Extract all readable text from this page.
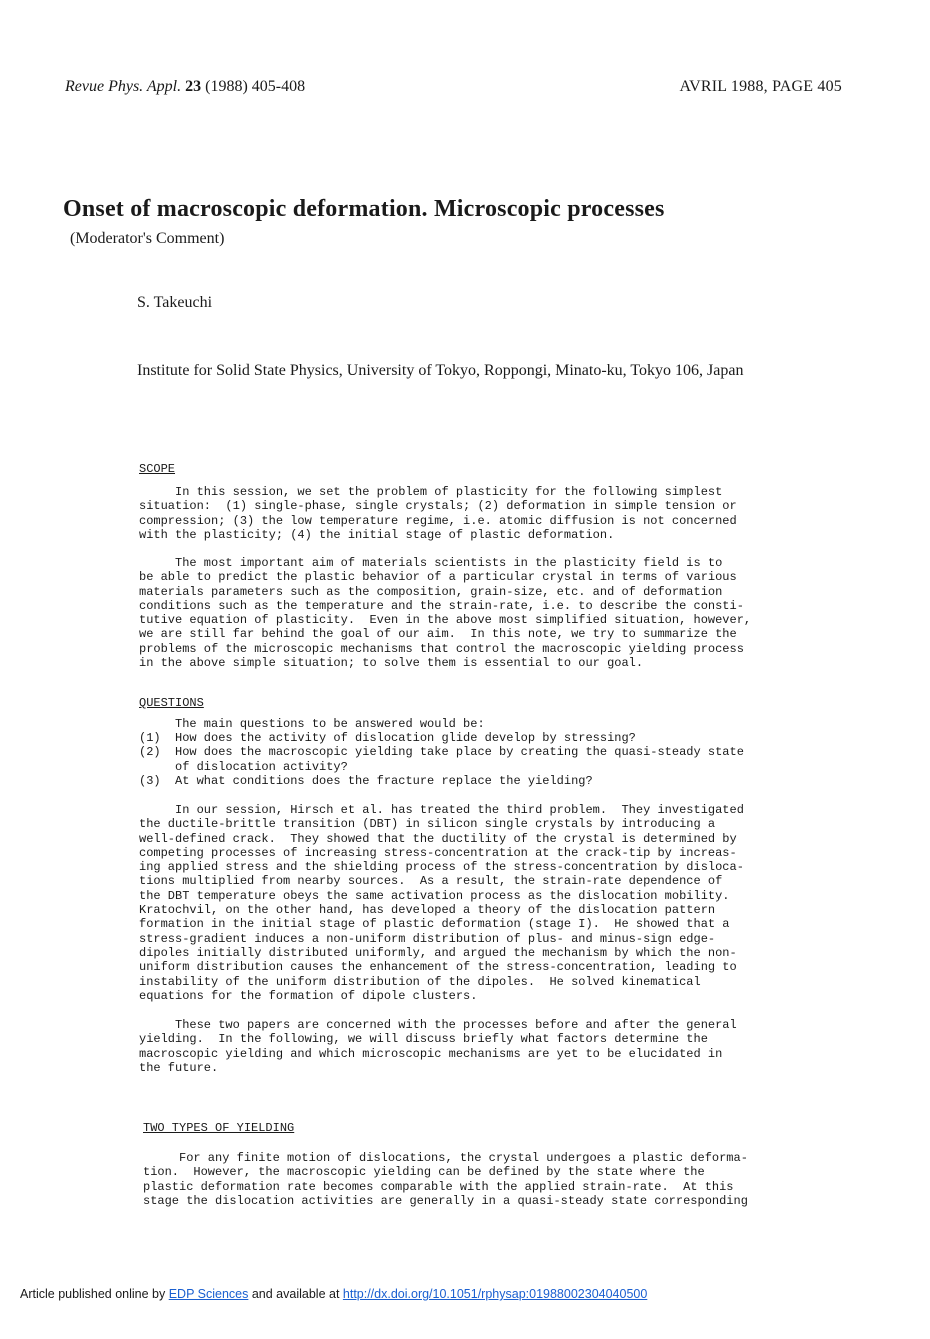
Revue Phys. Appl. 23 (1988) 405-408	AVRIL 1988, PAGE 405
Onset of macroscopic deformation. Microscopic processes
(Moderator's Comment)
S. Takeuchi
Institute for Solid State Physics, University of Tokyo, Roppongi, Minato-ku, Tokyo 106, Japan
SCOPE
In this session, we set the problem of plasticity for the following simplest
situation:  (1) single-phase, single crystals; (2) deformation in simple tension or
compression; (3) the low temperature regime, i.e. atomic diffusion is not concerned
with the plasticity; (4) the initial stage of plastic deformation.
The most important aim of materials scientists in the plasticity field is to
be able to predict the plastic behavior of a particular crystal in terms of various
materials parameters such as the composition, grain-size, etc. and of deformation
conditions such as the temperature and the strain-rate, i.e. to describe the consti-
tutive equation of plasticity.  Even in the above most simplified situation, however,
we are still far behind the goal of our aim.  In this note, we try to summarize the
problems of the microscopic mechanisms that control the macroscopic yielding process
in the above simple situation; to solve them is essential to our goal.
QUESTIONS
The main questions to be answered would be:
(1)  How does the activity of dislocation glide develop by stressing?
(2)  How does the macroscopic yielding take place by creating the quasi-steady state
of dislocation activity?
(3)  At what conditions does the fracture replace the yielding?
In our session, Hirsch et al. has treated the third problem.  They investigated
the ductile-brittle transition (DBT) in silicon single crystals by introducing a
well-defined crack.  They showed that the ductility of the crystal is determined by
competing processes of increasing stress-concentration at the crack-tip by increas-
ing applied stress and the shielding process of the stress-concentration by disloca-
tions multiplied from nearby sources.  As a result, the strain-rate dependence of
the DBT temperature obeys the same activation process as the dislocation mobility.
Kratochvil, on the other hand, has developed a theory of the dislocation pattern
formation in the initial stage of plastic deformation (stage I).  He showed that a
stress-gradient induces a non-uniform distribution of plus- and minus-sign edge-
dipoles initially distributed uniformly, and argued the mechanism by which the non-
uniform distribution causes the enhancement of the stress-concentration, leading to
instability of the uniform distribution of the dipoles.  He solved kinematical
equations for the formation of dipole clusters.
These two papers are concerned with the processes before and after the general
yielding.  In the following, we will discuss briefly what factors determine the
macroscopic yielding and which microscopic mechanisms are yet to be elucidated in
the future.
TWO TYPES OF YIELDING
For any finite motion of dislocations, the crystal undergoes a plastic deforma-
tion.  However, the macroscopic yielding can be defined by the state where the
plastic deformation rate becomes comparable with the applied strain-rate.  At this
stage the dislocation activities are generally in a quasi-steady state corresponding
Article published online by EDP Sciences and available at http://dx.doi.org/10.1051/rphysap:01988002304040500
